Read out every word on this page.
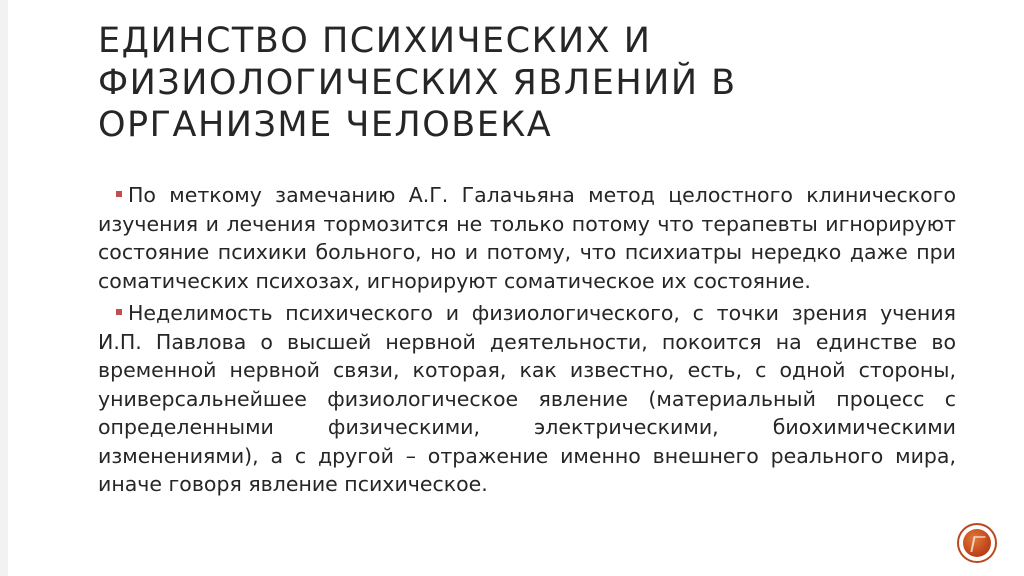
ЕДИНСТВО ПСИХИЧЕСКИХ И ФИЗИОЛОГИЧЕСКИХ ЯВЛЕНИЙ В ОРГАНИЗМЕ ЧЕЛОВЕКА

По меткому замечанию А.Г. Галачьяна метод целостного клинического изучения и лечения тормозится не только потому что терапевты игнорируют состояние психики больного, но и потому, что психиатры нередко даже при соматических психозах, игнорируют соматическое их состояние.

Неделимость психического и физиологического, с точки зрения учения И.П. Павлова о высшей нервной деятельности, покоится на единстве во временной нервной связи, которая, как известно, есть, с одной стороны, универсальнейшее физиологическое явление (материальный процесс с определенными физическими, электрическими, биохимическими изменениями), а с другой – отражение именно внешнего реального мира, иначе говоря явление психическое.
